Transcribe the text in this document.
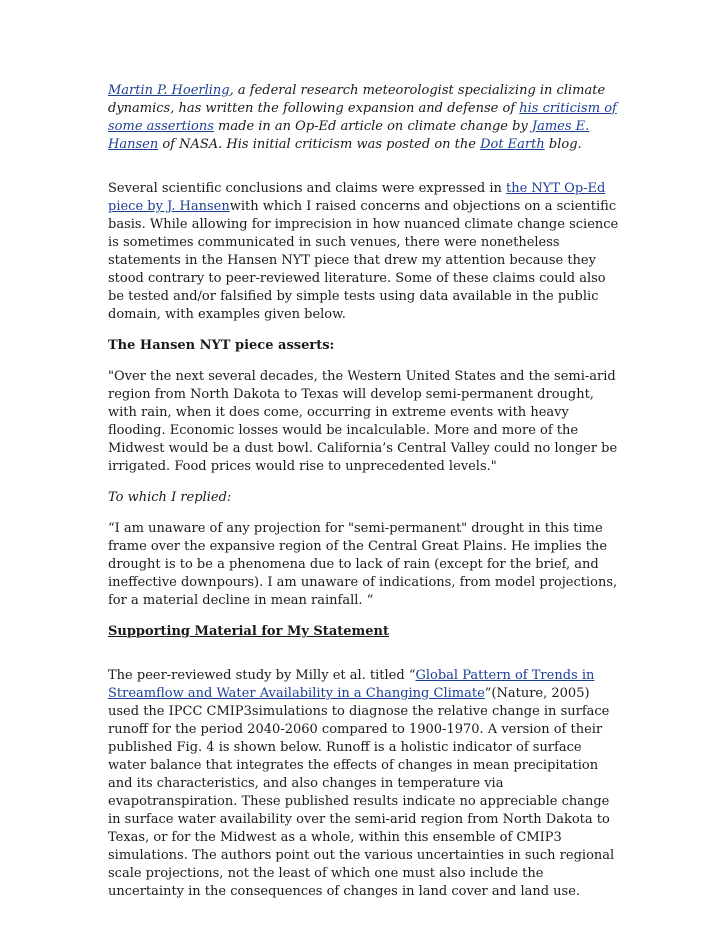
Martin P. Hoerling, a federal research meteorologist specializing in climate dynamics, has written the following expansion and defense of his criticism of some assertions made in an Op-Ed article on climate change by James E. Hansen of NASA. His initial criticism was posted on the Dot Earth blog.

Several scientific conclusions and claims were expressed in the NYT Op-Ed piece by J. Hansenwith which I raised concerns and objections on a scientific basis. While allowing for imprecision in how nuanced climate change science is sometimes communicated in such venues, there were nonetheless statements in the Hansen NYT piece that drew my attention because they stood contrary to peer-reviewed literature. Some of these claims could also be tested and/or falsified by simple tests using data available in the public domain, with examples given below.

The Hansen NYT piece asserts:

"Over the next several decades, the Western United States and the semi-arid region from North Dakota to Texas will develop semi-permanent drought, with rain, when it does come, occurring in extreme events with heavy flooding. Economic losses would be incalculable. More and more of the Midwest would be a dust bowl. California’s Central Valley could no longer be irrigated. Food prices would rise to unprecedented levels."

To which I replied:

“I am unaware of any projection for "semi-permanent" drought in this time frame over the expansive region of the Central Great Plains. He implies the drought is to be a phenomena due to lack of rain (except for the brief, and ineffective downpours). I am unaware of indications, from model projections, for a material decline in mean rainfall. “

Supporting Material for My Statement

The peer-reviewed study by Milly et al. titled “Global Pattern of Trends in Streamflow and Water Availability in a Changing Climate”(Nature, 2005) used the IPCC CMIP3simulations to diagnose the relative change in surface runoff for the period 2040-2060 compared to 1900-1970. A version of their published Fig. 4 is shown below. Runoff is a holistic indicator of surface water balance that integrates the effects of changes in mean precipitation and its characteristics, and also changes in temperature via evapotranspiration. These published results indicate no appreciable change in surface water availability over the semi-arid region from North Dakota to Texas, or for the Midwest as a whole, within this ensemble of CMIP3 simulations. The authors point out the various uncertainties in such regional scale projections, not the least of which one must also include the uncertainty in the consequences of changes in land cover and land use.
